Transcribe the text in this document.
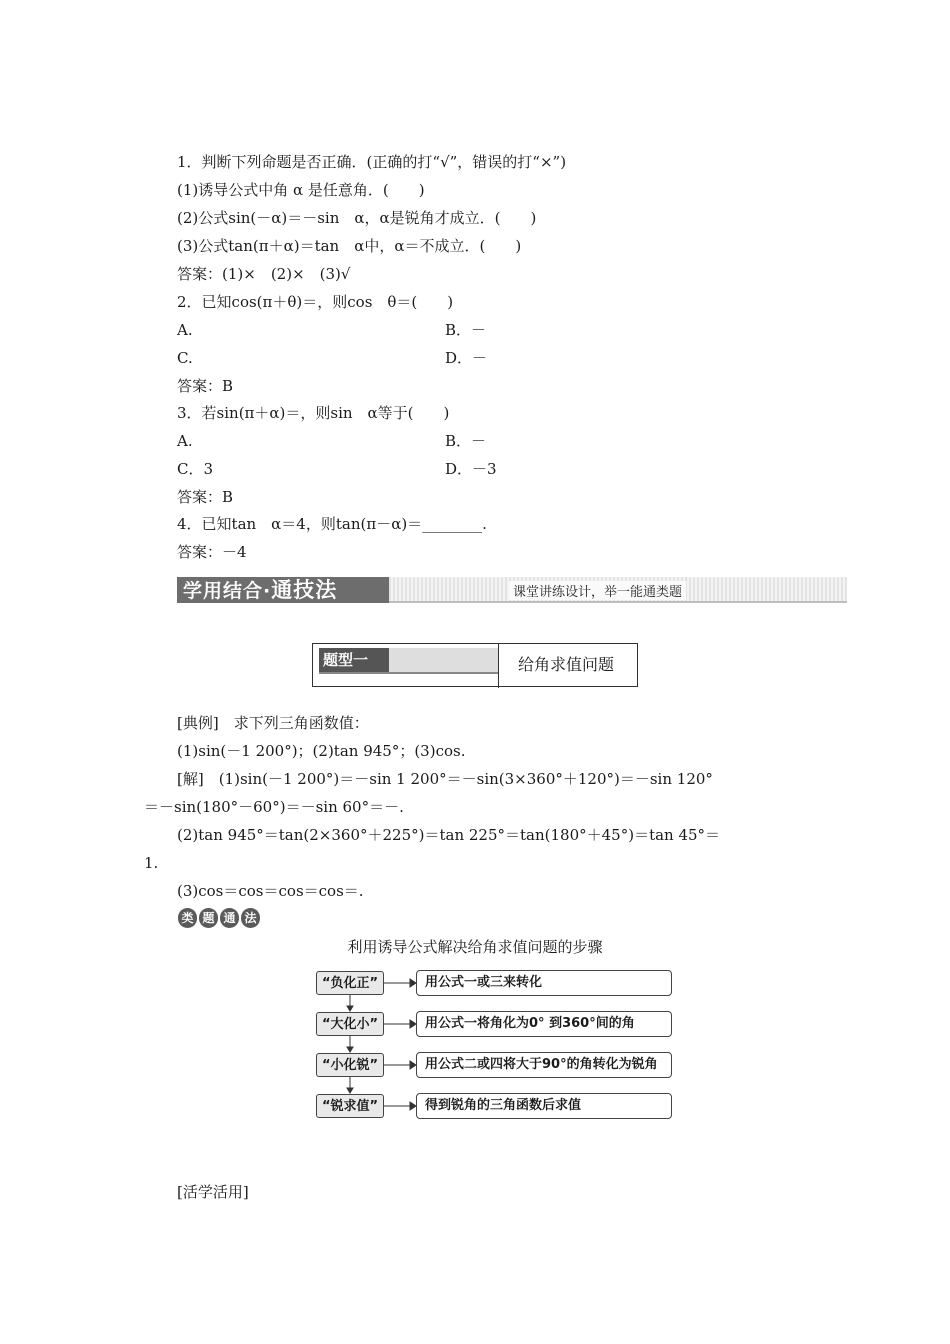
1．判断下列命题是否正确．(正确的打“√”，错误的打“×”)
(1)诱导公式中角 α 是任意角．(　　)
(2)公式sin(－α)＝－sin　α，α是锐角才成立．(　　)
(3)公式tan(π＋α)＝tan　α中，α＝不成立．(　　)
答案：(1)×　(2)×　(3)√
2．已知cos(π＋θ)＝，则cos　θ＝(　　)
A.	B．－
C.	D．－
答案：B
3．若sin(π＋α)＝，则sin　α等于(　　)
A.	B．－
C．3	D．－3
答案：B
4．已知tan　α＝4，则tan(π－α)＝________.
答案：－4
学用结合·通技法	课堂讲练设计，举一能通类题
题型一	给角求值问题
[典例]　求下列三角函数值：
(1)sin(－1 200°)；(2)tan 945°；(3)cos.
[解]　(1)sin(－1 200°)＝－sin 1 200°＝－sin(3×360°＋120°)＝－sin 120°
＝－sin(180°－60°)＝－sin 60°＝－.
(2)tan 945°＝tan(2×360°＋225°)＝tan 225°＝tan(180°＋45°)＝tan 45°＝
1.
(3)cos＝cos＝cos＝cos＝.
类 题 通 法
利用诱导公式解决给角求值问题的步骤
“负化正”	用公式一或三来转化
“大化小”	用公式一将角化为0° 到360°间的角
“小化锐”	用公式二或四将大于90°的角转化为锐角
“锐求值”	得到锐角的三角函数后求值
[活学活用]
